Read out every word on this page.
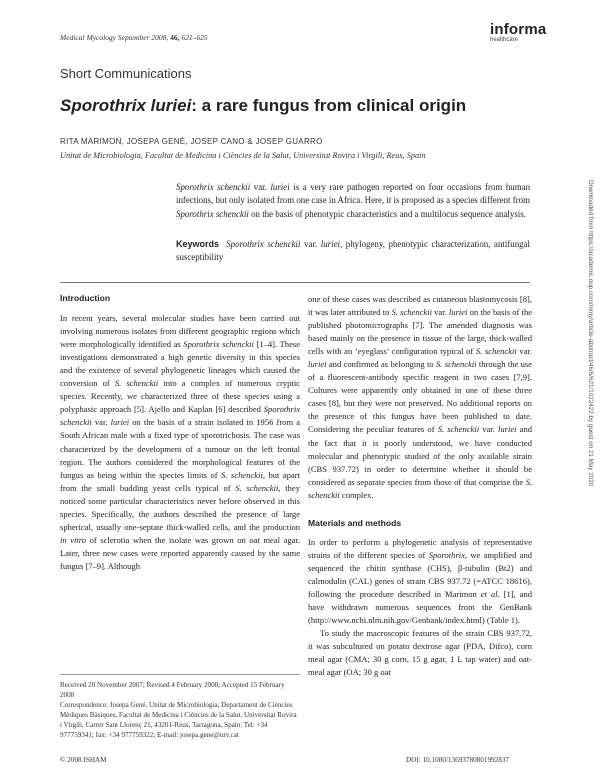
Medical Mycology September 2008, 46, 621–625	informa
healthcare
Short Communications
Sporothrix luriei: a rare fungus from clinical origin
RITA MARIMON, JOSEPA GENÉ, JOSEP CANO & JOSEP GUARRO
Unitat de Microbiologia, Facultat de Medicina i Ciències de la Salut, Universitat Rovira i Virgili, Reus, Spain
Sporothrix schenckii var. luriei is a very rare pathogen reported on four occasions from human infections, but only isolated from one case in Africa. Here, it is proposed as a species different from Sporothrix schenckii on the basis of phenotypic characteristics and a multilocus sequence analysis.
Keywords Sporothrix schenckii var. luriei, phylogeny, phenotypic characterization, antifungal susceptibility
Introduction

In recent years, several molecular studies have been carried out involving numerous isolates from different geographic regions which were morphologically identified as Sporothrix schenckii [1–4]. These investigations demonstrated a high genetic diversity in this species and the existence of several phylogenetic lineages which caused the conversion of S. schenckii into a complex of numerous cryptic species. Recently, we characterized three of these species using a polyphasic approach [5]. Ajello and Kaplan [6] described Sporothrix schenckii var. luriei on the basis of a strain isolated in 1956 from a South African male with a fixed type of sporotrichosis. The case was characterized by the development of a tumour on the left frontal region. The authors considered the morphological features of the fungus as being within the species limits of S. schenckii, but apart from the small budding yeast cells typical of S. schenckii, they noticed some particular characteristics never before observed in this species. Specifically, the authors described the presence of large spherical, usually one-septate thick-walled cells, and the production in vitro of sclerotia when the isolate was grown on oat meal agar. Later, three new cases were reported apparently caused by the same fungus [7–9]. Although

one of these cases was described as cutaneous blastomycosis [8], it was later attributed to S. schenckii var. luriei on the basis of the published photomicrographs [7]. The amended diagnosis was based mainly on the presence in tissue of the large, thick-walled cells with an ‘eyeglass’ configuration typical of S. schenckii var. luriei and confirmed as belonging to S. schenckii through the use of a fluorescent-antibody specific reagent in two cases [7,9]. Cultures were apparently only obtained in one of these three cases [8], but they were not preserved. No additional reports on the presence of this fungus have been published to date. Considering the peculiar features of S. schenckii var. luriei and the fact that it is poorly understood, we have conducted molecular and phenotypic studied of the only available strain (CBS 937.72) in order to determine whether it should be considered as separate species from those of that comprise the S. schenckii complex.

Materials and methods

In order to perform a phylogenetic analysis of representative strains of the different species of Sporothrix, we amplified and sequenced the chitin synthase (CHS), β-tubulin (Bt2) and calmodulin (CAL) genes of strain CBS 937.72 (=ATCC 18616), following the procedure described in Marimon et al. [1], and have withdrawn numerous sequences from the GenBank (http://www.ncbi.nlm.nih.gov/Genbank/index.html) (Table 1).

To study the macroscopic features of the strain CBS 937.72, it was subcultured on potato dextrose agar (PDA, Difco), corn meal agar (CMA; 30 g corn, 15 g agar, 1 L tap water) and oat-meal agar (OA; 30 g oat

Received 20 November 2007; Revised 4 February 2008; Accepted 15 February 2008

Correspondence: Josepa Gené, Unitat de Microbiologia, Departament de Ciències Mèdiques Bàsiques, Facultat de Medicina i Ciències de la Salut, Universitat Rovira i Virgili, Carrer Sant Llorenç 21, 43201-Reus, Tarragona, Spain. Tel: +34 977759341; fax: +34 977759322; E-mail: josepa.gene@urv.cat

© 2008 ISHAM	DOI: 10.1080/13693780801992837
Downloaded from https://academic.oup.com/mmy/article-abstract/46/6/621/1022422 by guest on 21 May 2020
